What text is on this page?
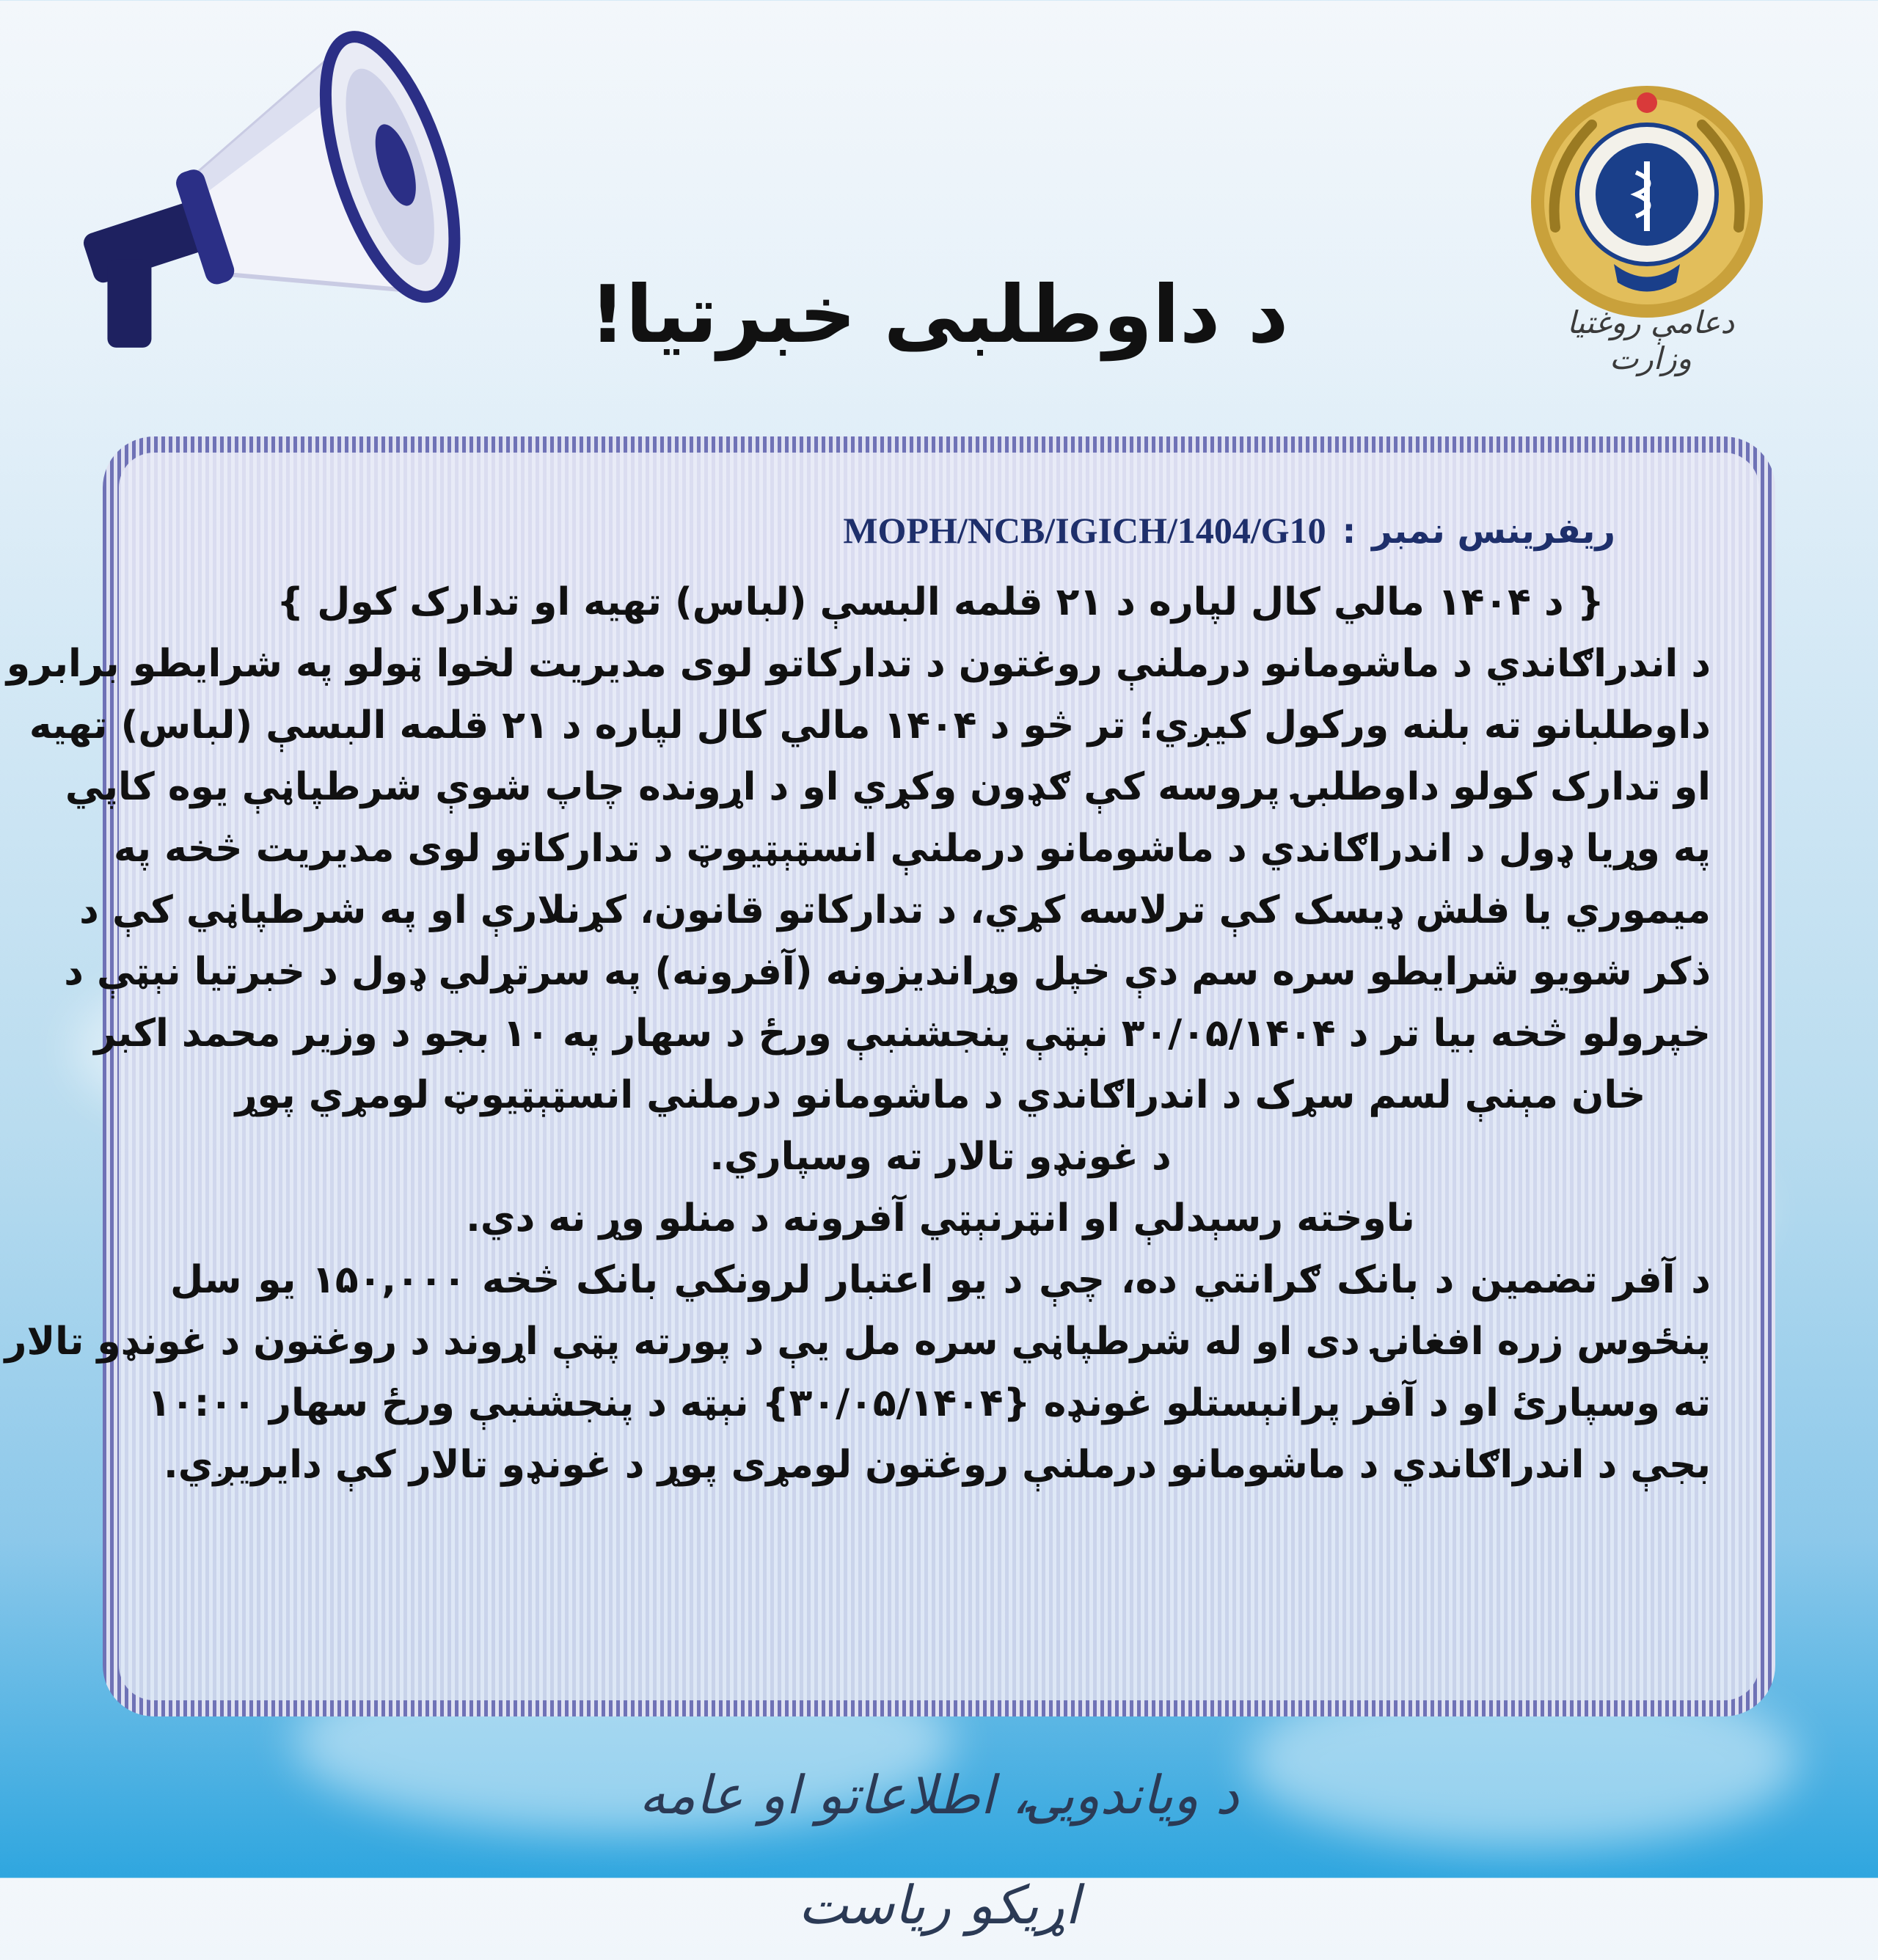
دعامې روغتیا وزارت
د داوطلبی خبرتیا!
ریفرینس نمبر:MOPH/NCB/IGICH/1404/G10
{ د ۱۴۰۴ مالي کال لپاره د ۲۱ قلمه البسې (لباس) تهیه او تدارک کول }
د اندراګاندي د ماشومانو درملنې روغتون د تدارکاتو لوی مدیریت لخوا ټولو په شرایطو برابرو
داوطلبانو ته بلنه ورکول کیږي؛ تر څو د ۱۴۰۴ مالي کال لپاره د ۲۱ قلمه البسې (لباس) تهیه
او تدارک کولو داوطلبۍ پروسه کې ګډون وکړي او د اړونده چاپ شوې شرطپاڼې یوه کاپي
په وړیا ډول د اندراګاندي د ماشومانو درملنې انسټېټیوټ د تدارکاتو لوی مدیریت څخه په
میموري یا فلش ډیسک کې ترلاسه کړي، د تدارکاتو قانون، کړنلارې او په شرطپاڼي کې د
ذکر شویو شرایطو سره سم دې خپل وړاندیزونه (آفرونه) په سرتړلي ډول د خبرتیا نېټې د
خپرولو څخه بیا تر د ۳۰/۰۵/۱۴۰۴ نېټې پنجشنبې ورځ د سهار په ۱۰ بجو د وزیر محمد اکبر
خان مېنې لسم سړک د اندراګاندي د ماشومانو درملني انسټېټیوټ لومړي پوړ
د غونډو تالار ته وسپاري.
ناوخته رسېدلې او انټرنېټي آفرونه د منلو وړ نه دي.
د آفر تضمین د بانک ګرانتي ده، چې د یو اعتبار لرونکي بانک څخه ۱۵۰,۰۰۰ یو سل
پنځوس زره افغانۍ دی او له شرطپاڼي سره مل یې د پورته پټې اړوند د روغتون د غونډو تالار
ته وسپارئ او د آفر پرانېستلو غونډه {۳۰/۰۵/۱۴۰۴} نېټه د پنجشنبې ورځ سهار ۱۰:۰۰
بجې د اندراګاندي د ماشومانو درملنې روغتون لومړی پوړ د غونډو تالار کې دایریږي.
د ویاندویۍ، اطلاعاتو او عامه اړیکو ریاست
